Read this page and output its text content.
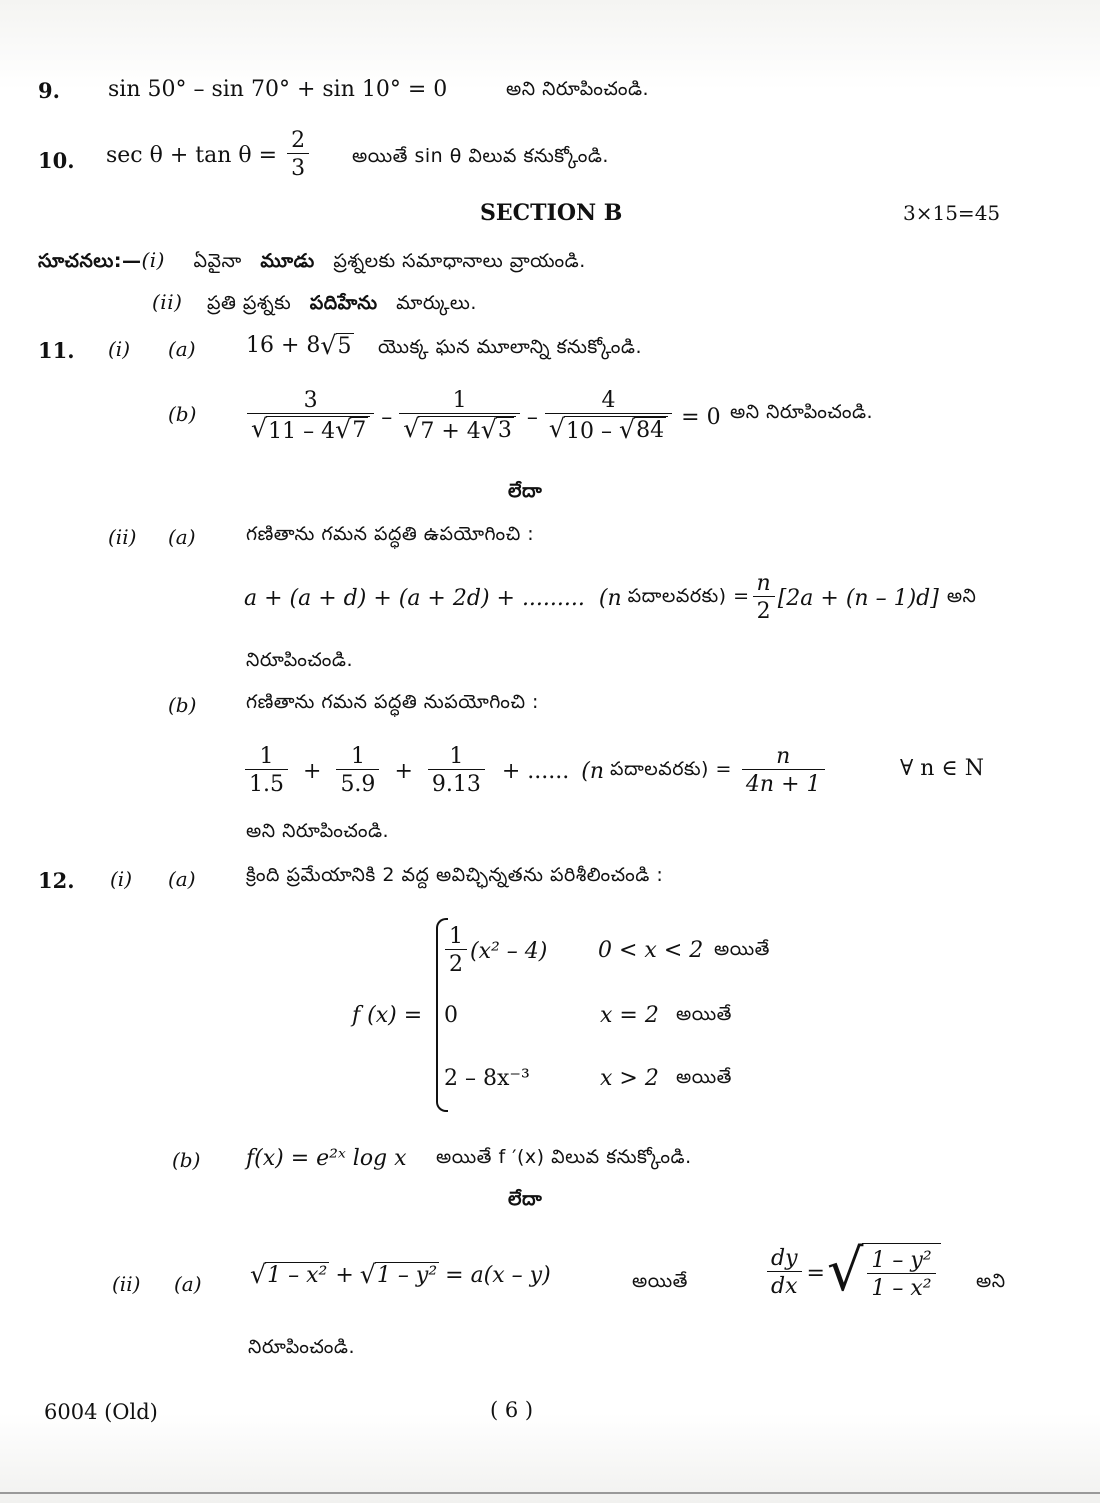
9. sin 50° – sin 70° + sin 10° = 0	అని నిరూపించండి.
10. $\sec \theta + \tan \theta = \frac{2}{3}$ అయితే sin θ విలువ కనుక్కోండి.
SECTION B	3×15=45
సూచనలు:—(i) ఏవైనా మూడు ప్రశ్నలకు సమాధానాలు వ్రాయండి.
(ii) ప్రతి ప్రశ్నకు పదిహేను మార్కులు.
11. (i) (a) 16 + 8 √ 5 యొక్క ఘన మూలాన్ని కనుక్కోండి.
$(b) \frac{3}{√ 11 - 4 √ 7} - \frac{1}{√ 7 + 4 √ 3} - \frac{4}{√ 10 - √ 84} = 0$ అని నిరూపించండి.
లేదా
(ii) (a)	గణితాను గమన పద్ధతి ఉపయోగించి :
a + (a + d) + (a + 2d) + ......... (n పదాలవరకు) = $\frac{n}{2} [2a + (n - 1)d]$ అని
నిరూపించండి.
(b)	గణితాను గమన పద్ధతి నుపయోగించి :
$\frac{1}{1.5} + \frac{1}{5.9} + \frac{1}{9.13}$ + ...... (n పదాలవరకు) = $\frac{n}{4n + 1}$	∀ n ∈ N
అని నిరూపించండి.
12. (i) (a)	క్రింది ప్రమేయానికి 2 వద్ద అవిచ్ఛిన్నతను పరిశీలించండి :
f (x) =
$\frac{1}{2} (x^2 - 4) 0 < x < 2$ అయితే
0	x = 2 అయితే
2 – 8x⁻³	x > 2 అయితే
(b) f(x) = e²ˣ log x అయితే f ′(x) విలువ కనుక్కోండి.
లేదా
(ii) (a) √ 1 – x² + √ 1 – y² = a(x – y)	అయితే	$\frac{dy}{dx}$ = √ $\frac{\text{1 – y²}}{\text{1 – x²}}$ అని
నిరూపించండి.
6004 (Old)	( 6 )
